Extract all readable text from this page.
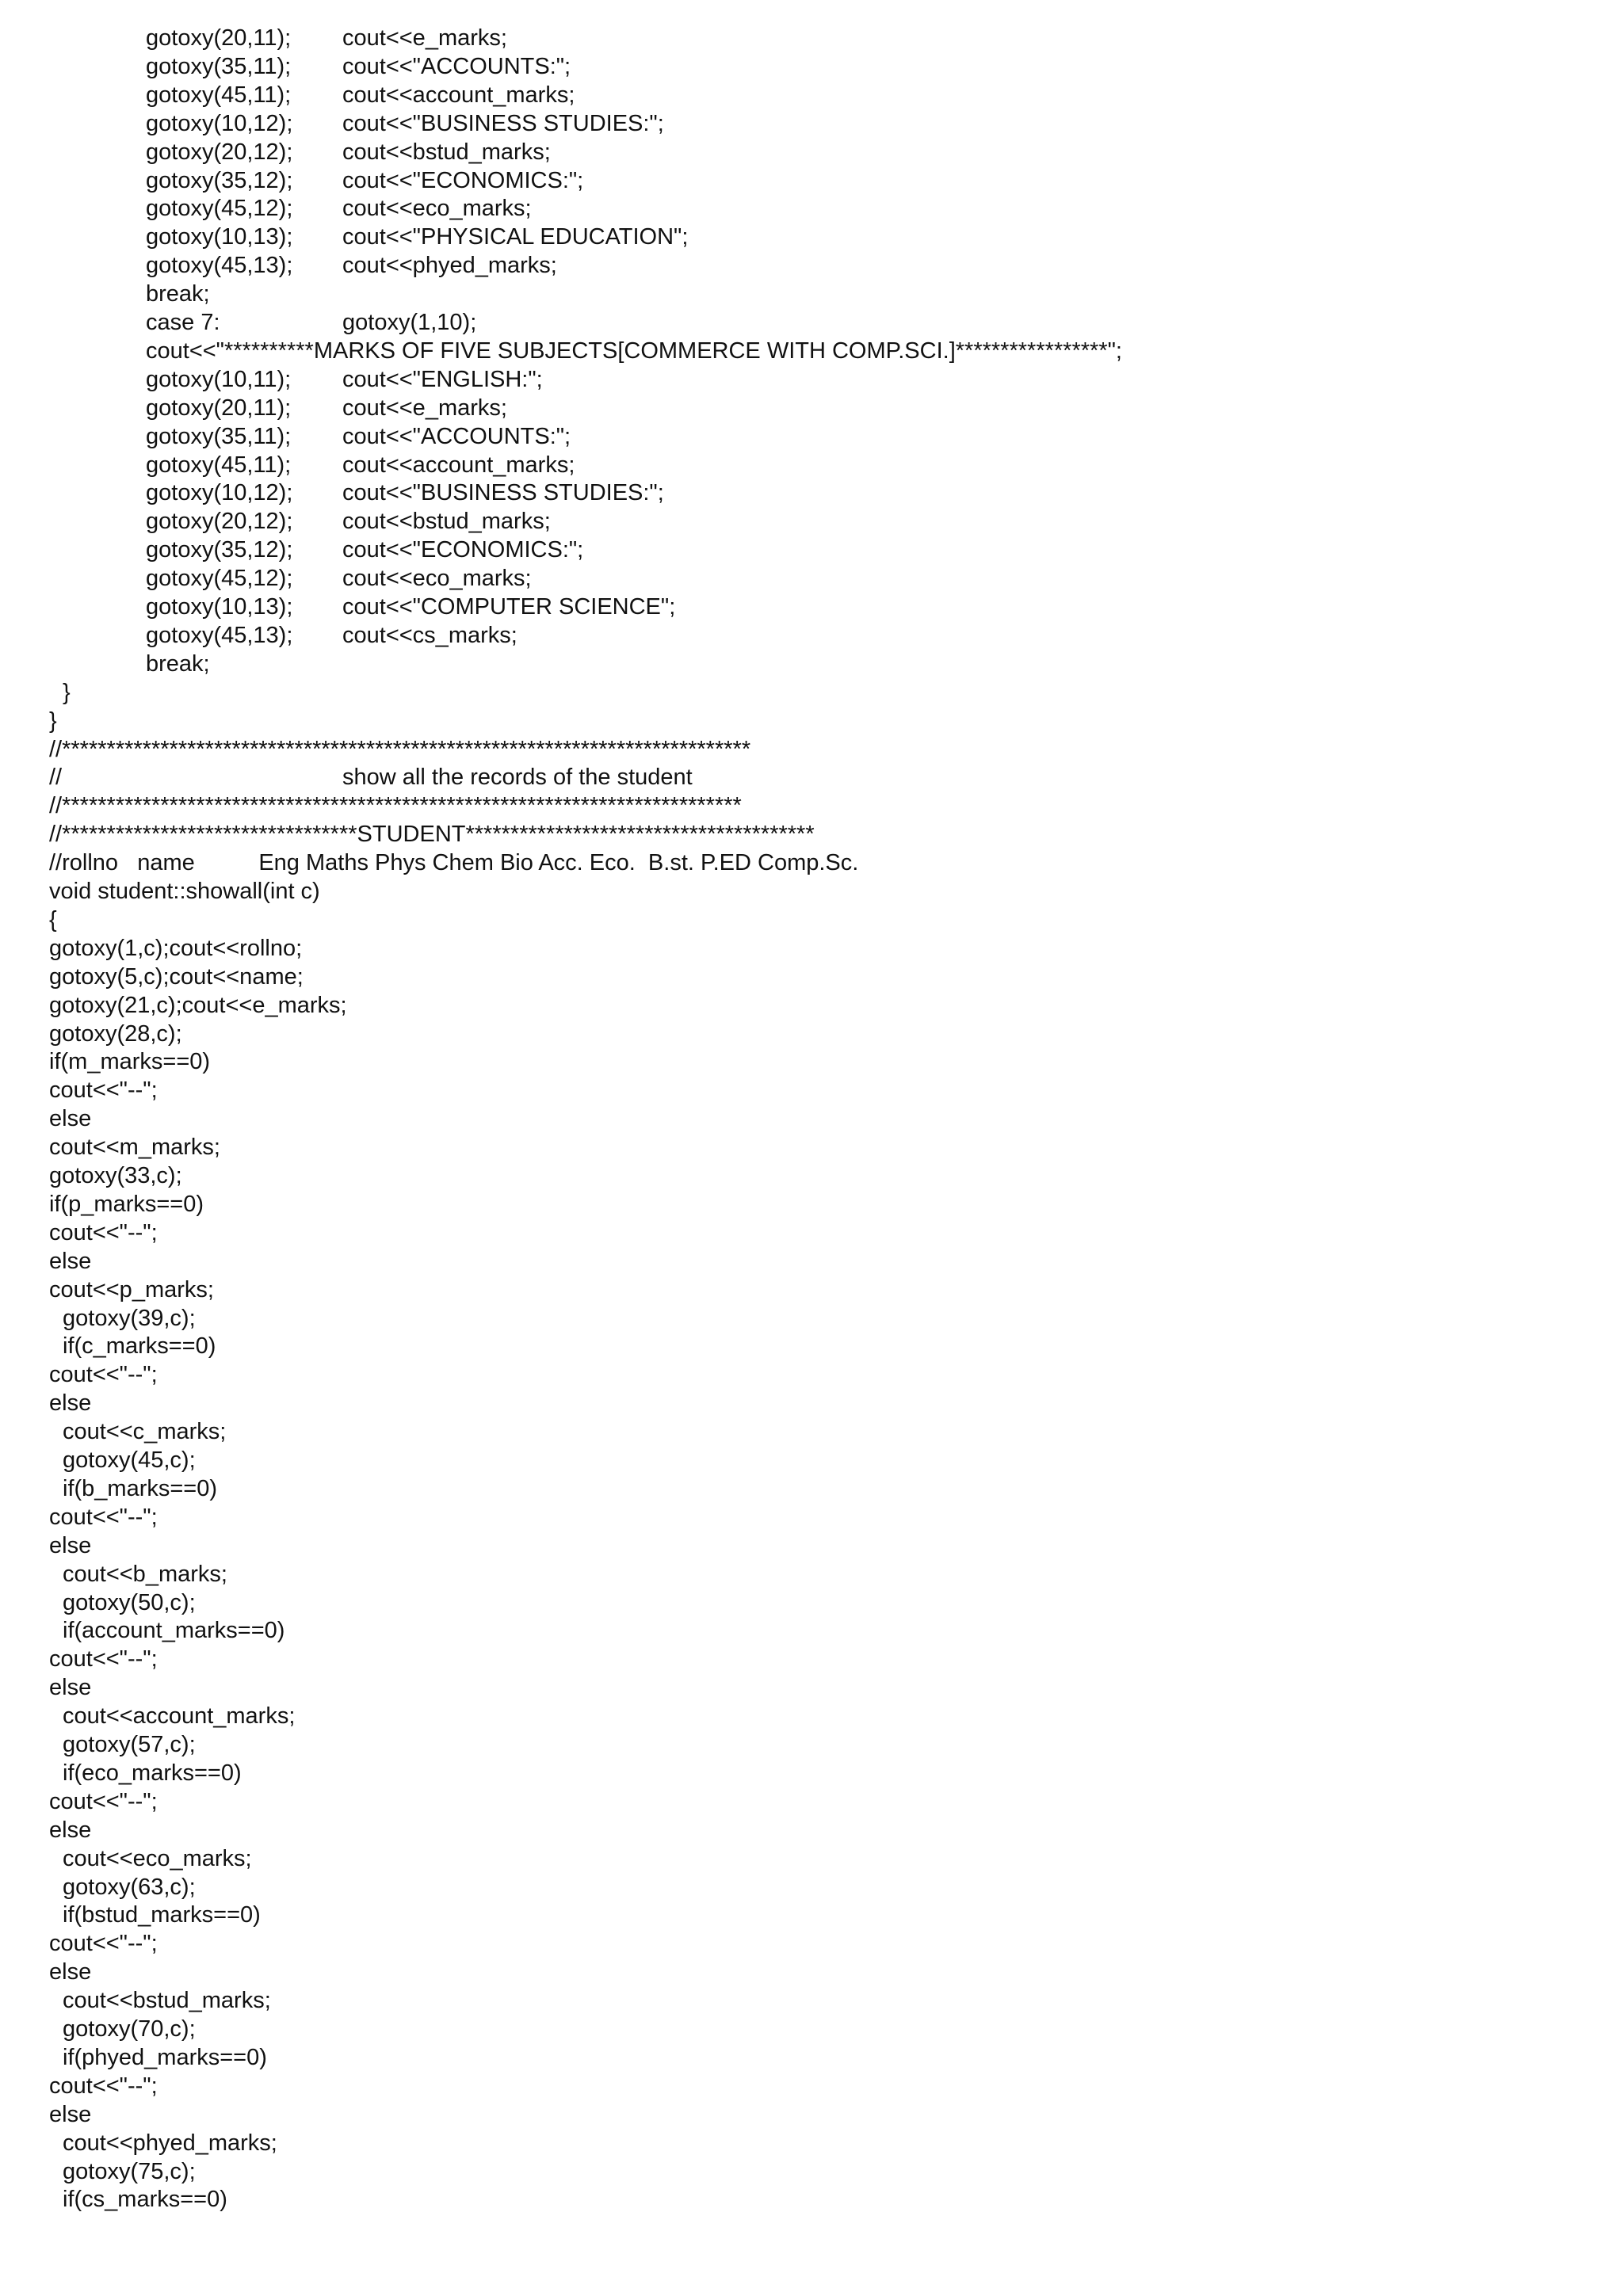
gotoxy(20,11); cout<<e_marks;
gotoxy(35,11); cout<<"ACCOUNTS:";
gotoxy(45,11); cout<<account_marks;
gotoxy(10,12); cout<<"BUSINESS STUDIES:";
gotoxy(20,12); cout<<bstud_marks;
gotoxy(35,12); cout<<"ECONOMICS:";
gotoxy(45,12); cout<<eco_marks;
gotoxy(10,13); cout<<"PHYSICAL EDUCATION";
gotoxy(45,13); cout<<phyed_marks;
break;
case 7:	gotoxy(1,10);
cout<<"**********MARKS OF FIVE SUBJECTS[COMMERCE WITH COMP.SCI.]*****************";
gotoxy(10,11); cout<<"ENGLISH:";
gotoxy(20,11); cout<<e_marks;
gotoxy(35,11); cout<<"ACCOUNTS:";
gotoxy(45,11); cout<<account_marks;
gotoxy(10,12); cout<<"BUSINESS STUDIES:";
gotoxy(20,12); cout<<bstud_marks;
gotoxy(35,12); cout<<"ECONOMICS:";
gotoxy(45,12); cout<<eco_marks;
gotoxy(10,13); cout<<"COMPUTER SCIENCE";
gotoxy(45,13); cout<<cs_marks;
break;
}
}
//*****************************************************************************
//	show all the records of the student
//****************************************************************************
//*********************************STUDENT***************************************
//rollno   name          Eng Maths Phys Chem Bio Acc. Eco.  B.st. P.ED Comp.Sc.
void student::showall(int c)
{
gotoxy(1,c);cout<<rollno;
gotoxy(5,c);cout<<name;
gotoxy(21,c);cout<<e_marks;
gotoxy(28,c);
if(m_marks==0)
cout<<"--";
else
cout<<m_marks;
gotoxy(33,c);
if(p_marks==0)
cout<<"--";
else
cout<<p_marks;
gotoxy(39,c);
if(c_marks==0)
cout<<"--";
else
cout<<c_marks;
gotoxy(45,c);
if(b_marks==0)
cout<<"--";
else
cout<<b_marks;
gotoxy(50,c);
if(account_marks==0)
cout<<"--";
else
cout<<account_marks;
gotoxy(57,c);
if(eco_marks==0)
cout<<"--";
else
cout<<eco_marks;
gotoxy(63,c);
if(bstud_marks==0)
cout<<"--";
else
cout<<bstud_marks;
gotoxy(70,c);
if(phyed_marks==0)
cout<<"--";
else
cout<<phyed_marks;
gotoxy(75,c);
if(cs_marks==0)
